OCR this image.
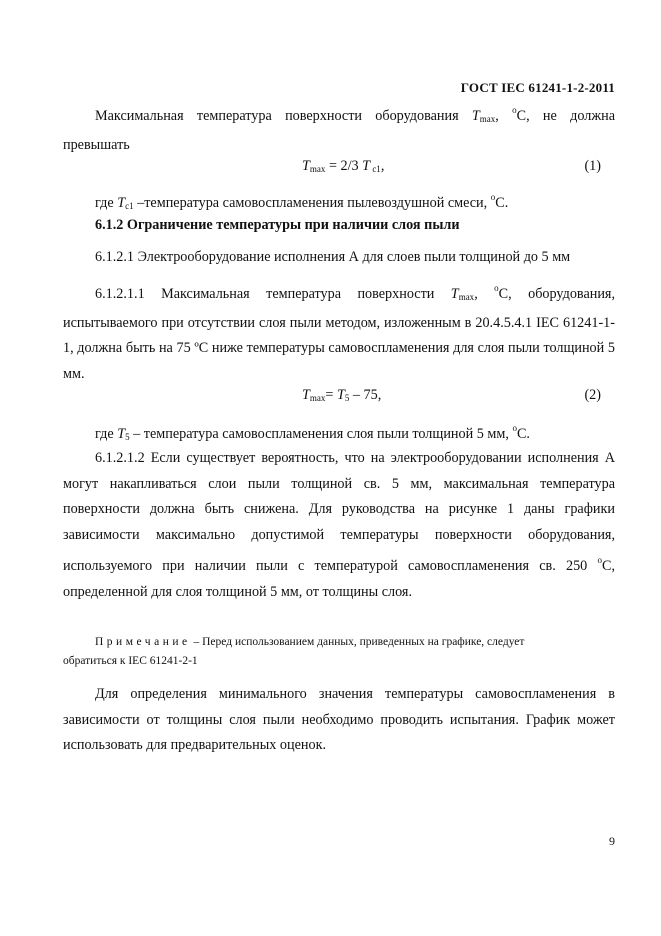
ГОСТ IEC 61241-1-2-2011

Максимальная температура поверхности оборудования $T_{max}$, $^o$С, не должна превышать

$T_{max} = 2/3$ T $_{c1}$,	(1)

где $T_{c1}$ –температура самовоспламенения пылевоздушной смеси, $^o$С.

6.1.2 Ограничение температуры при наличии слоя пыли

6.1.2.1 Электрооборудование исполнения А для слоев пыли толщиной до 5 мм

6.1.2.1.1 Максимальная температура поверхности $T_{max}$, $^o$С, оборудования, испытываемого при отсутствии слоя пыли методом, изложенным в 20.4.5.4.1 IEC 61241-1-1, должна быть на 75 ºС ниже температуры самовоспламенения для слоя пыли толщиной 5 мм.

$T_{max}= T_5 - 75$,	(2)

где $T_5$ – температура самовоспламенения слоя пыли толщиной 5 мм, $^o$С.

6.1.2.1.2 Если существует вероятность, что на электрооборудовании исполнения А могут накапливаться слои пыли толщиной св. 5 мм, максимальная температура поверхности должна быть снижена. Для руководства на рисунке 1 даны графики зависимости максимально допустимой температуры поверхности оборудования, используемого при наличии пыли с температурой самовоспламенения св. 250 $^o$С, определенной для слоя толщиной 5 мм, от толщины слоя.

Примечание – Перед использованием данных, приведенных на графике, следует
обратиться к IEC 61241-2-1

Для определения минимального значения температуры самовоспламенения в зависимости от толщины слоя пыли необходимо проводить испытания. График может использовать для предварительных оценок.

9
